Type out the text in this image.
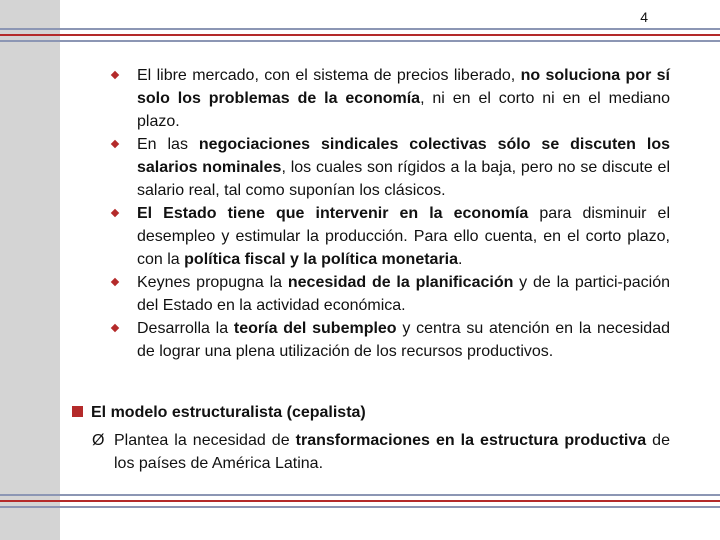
4
El libre mercado, con el sistema de precios liberado, no soluciona por sí solo los problemas de la economía, ni en el corto ni en el mediano plazo.
En las negociaciones sindicales colectivas sólo se discuten los salarios nominales, los cuales son rígidos a la baja, pero no se discute el salario real, tal como suponían los clásicos.
El Estado tiene que intervenir en la economía para disminuir el desempleo y estimular la producción. Para ello cuenta, en el corto plazo, con la política fiscal y la política monetaria.
Keynes propugna la necesidad de la planificación y de la partici-pación del Estado en la actividad económica.
Desarrolla la teoría del subempleo y centra su atención en la necesidad de lograr una plena utilización de los recursos productivos.
El modelo estructuralista (cepalista)
Ø Plantea la necesidad de transformaciones en la estructura productiva de los países de América Latina.
